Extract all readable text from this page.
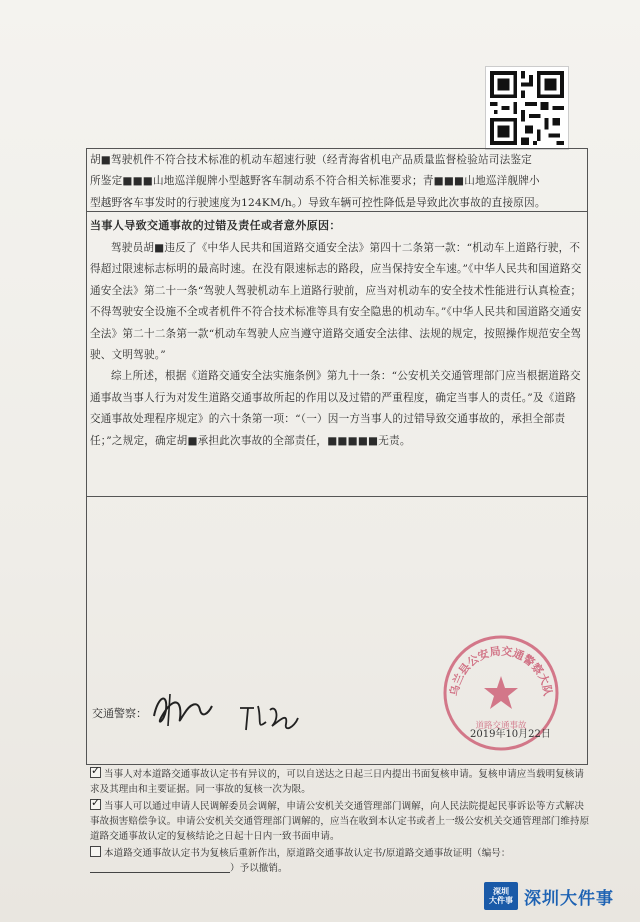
胡■驾驶机件不符合技术标准的机动车超速行驶（经青海省机电产品质量监督检验站司法鉴定
所鉴定■■■山地巡洋舰牌小型越野客车制动系不符合相关标准要求；青■■■山地巡洋舰牌小
型越野客车事发时的行驶速度为124KM/h。）导致车辆可控性降低是导致此次事故的直接原因。
当事人导致交通事故的过错及责任或者意外原因：

驾驶员胡■违反了《中华人民共和国道路交通安全法》第四十二条第一款：“机动车上道路行驶，不得超过限速标志标明的最高时速。在没有限速标志的路段，应当保持安全车速。”《中华人民共和国道路交通安全法》第二十一条“驾驶人驾驶机动车上道路行驶前，应当对机动车的安全技术性能进行认真检查；不得驾驶安全设施不全或者机件不符合技术标准等具有安全隐患的机动车。”《中华人民共和国道路交通安全法》第二十二条第一款“机动车驾驶人应当遵守道路交通安全法律、法规的规定，按照操作规范安全驾驶、文明驾驶。”

综上所述，根据《道路交通安全法实施条例》第九十一条：“公安机关交通管理部门应当根据道路交通事故当事人行为对发生道路交通事故所起的作用以及过错的严重程度，确定当事人的责任。”及《道路交通事故处理程序规定》的六十条第一项：“（一）因一方当事人的过错导致交通事故的，承担全部责任；”之规定，确定胡■承担此次事故的全部责任，■■■■■无责。

交通警察：
乌兰县公安局交通警察大队
道路交通事故
2019年10月22日
✓当事人对本道路交通事故认定书有异议的，可以自送达之日起三日内提出书面复核申请。复核申请应当载明复核请求及其理由和主要证据。同一事故的复核一次为限。
✓当事人可以通过申请人民调解委员会调解，申请公安机关交通管理部门调解，向人民法院提起民事诉讼等方式解决事故损害赔偿争议。申请公安机关交通管理部门调解的，应当在收到本认定书或者上一级公安机关交通管理部门维持原道路交通事故认定的复核结论之日起十日内一致书面申请。
本道路交通事故认定书为复核后重新作出，原道路交通事故认定书/原道路交通事故证明（编号：
）予以撤销。
深圳
大件事 深圳大件事
